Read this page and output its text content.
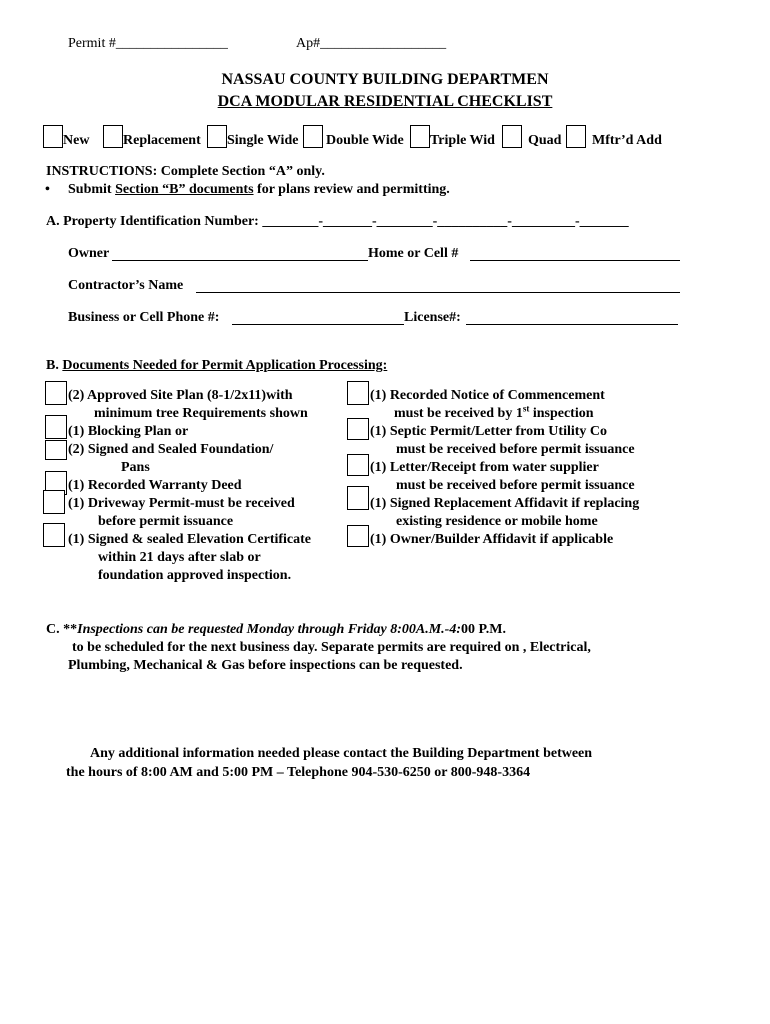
Permit #________________	Ap#__________________
NASSAU COUNTY BUILDING DEPARTMEN
DCA MODULAR RESIDENTIAL CHECKLIST
New Replacement Single Wide Double Wide Triple Wid Quad Mftr’d Add
INSTRUCTIONS: Complete Section “A” only.
• Submit Section “B” documents for plans review and permitting.
A. Property Identification Number: ________-_______-________-__________-_________-_______
Owner	Home or Cell #
Contractor’s Name
Business or Cell Phone #:	License#:
B. Documents Needed for Permit Application Processing:
(2) Approved Site Plan (8-1/2x11)with
minimum tree Requirements shown
(1) Blocking Plan or
(2) Signed and Sealed Foundation/
Pans
(1) Recorded Warranty Deed
(1) Driveway Permit-must be received
before permit issuance
(1) Signed & sealed Elevation Certificate
within 21 days after slab or
foundation approved inspection.
(1) Recorded Notice of Commencement
must be received by 1st inspection
(1) Septic Permit/Letter from Utility Co
must be received before permit issuance
(1) Letter/Receipt from water supplier
must be received before permit issuance
(1) Signed Replacement Affidavit if replacing
existing residence or mobile home
(1) Owner/Builder Affidavit if applicable
C. **Inspections can be requested Monday through Friday 8:00A.M.-4:00 P.M.
to be scheduled for the next business day. Separate permits are required on , Electrical,
Plumbing, Mechanical & Gas before inspections can be requested.
Any additional information needed please contact the Building Department between
the hours of 8:00 AM and 5:00 PM – Telephone 904-530-6250 or 800-948-3364
